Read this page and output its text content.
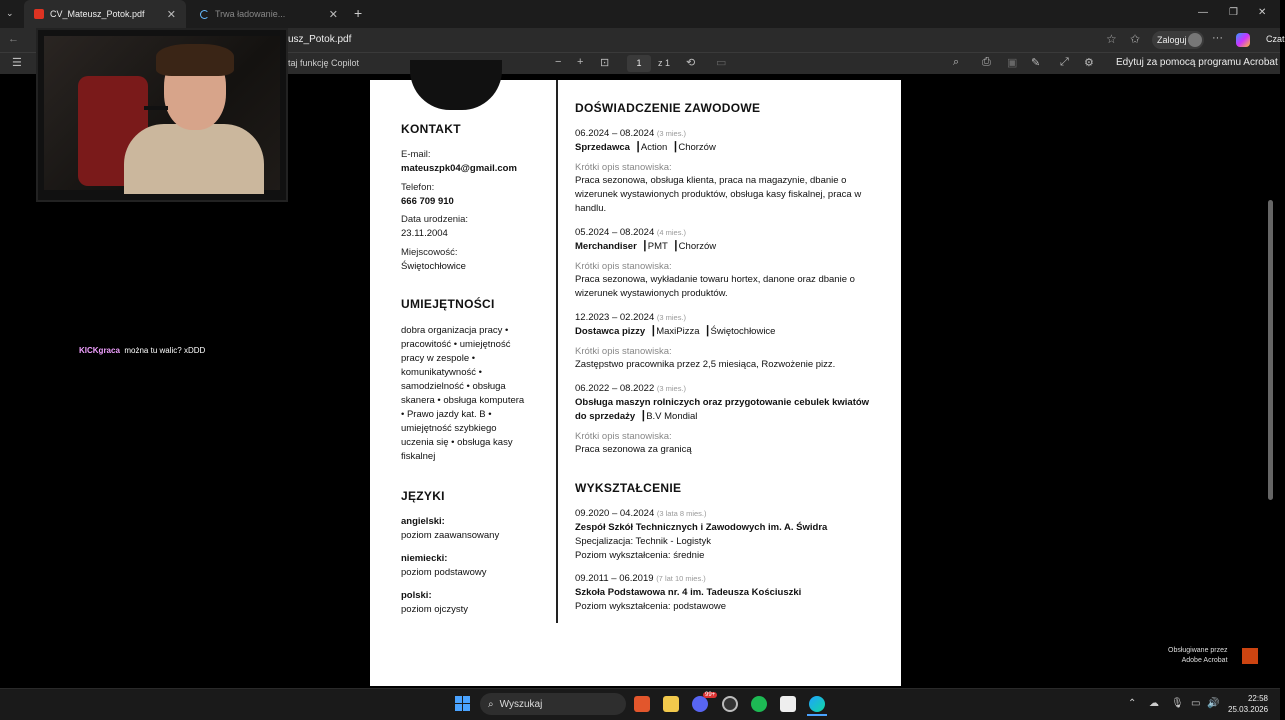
⌄	CV_Mateusz_Potok.pdf ✕	Trwa ładowanie...	✕ +	— ❐ ✕
←	usz_Potok.pdf	☆ ✩ Zaloguj ···	Czat
☰	taj funkcję Copilot	− + ⊡	1	z 1 ⟲ ▭	⌕ ⎙ ▣ ✎ ⤢ ⚙ Edytuj za pomocą programu Acrobat
KONTAKT
E-mail:
mateuszpk04@gmail.com
Telefon:
666 709 910
Data urodzenia:
23.11.2004
Miejscowość:
Świętochłowice
UMIEJĘTNOŚCI
dobra organizacja pracy •
pracowitość • umiejętność
pracy w zespole •
komunikatywność •
samodzielność • obsługa
skanera • obsługa komputera
• Prawo jazdy kat. B •
umiejętność szybkiego
uczenia się • obsługa kasy
fiskalnej
JĘZYKI
angielski:
poziom zaawansowany
niemiecki:
poziom podstawowy
polski:
poziom ojczysty
DOŚWIADCZENIE ZAWODOWE
06.2024 – 08.2024 (3 mies.)
Sprzedawca  ┃Action  ┃Chorzów
Krótki opis stanowiska:
Praca sezonowa, obsługa klienta, praca na magazynie, dbanie o
wizerunek wystawionych produktów, obsługa kasy fiskalnej, praca w
handlu.
05.2024 – 08.2024 (4 mies.)
Merchandiser  ┃PMT  ┃Chorzów
Krótki opis stanowiska:
Praca sezonowa, wykładanie towaru hortex, danone oraz dbanie o
wizerunek wystawionych produktów.
12.2023 – 02.2024 (3 mies.)
Dostawca pizzy  ┃MaxiPizza  ┃Świętochłowice
Krótki opis stanowiska:
Zastępstwo pracownika przez 2,5 miesiąca, Rozwożenie pizz.
06.2022 – 08.2022 (3 mies.)
Obsługa maszyn rolniczych oraz przygotowanie cebulek kwiatów
do sprzedaży  ┃B.V Mondial
Krótki opis stanowiska:
Praca sezonowa za granicą
WYKSZTAŁCENIE
09.2020 – 04.2024 (3 lata 8 mies.)
Zespół Szkół Technicznych i Zawodowych im. A. Świdra
Specjalizacja: Technik - Logistyk
Poziom wykształcenia: średnie
09.2011 – 06.2019 (7 lat 10 mies.)
Szkoła Podstawowa nr. 4 im. Tadeusza Kościuszki
Poziom wykształcenia: podstawowe
KICKgraca można tu walic? xDDD
Obsługiwane przez
Adobe Acrobat
⌕ Wyszukaj
99+
⌃ ☁ 🎙 ▭ 🔊	22:58
25.03.2026
